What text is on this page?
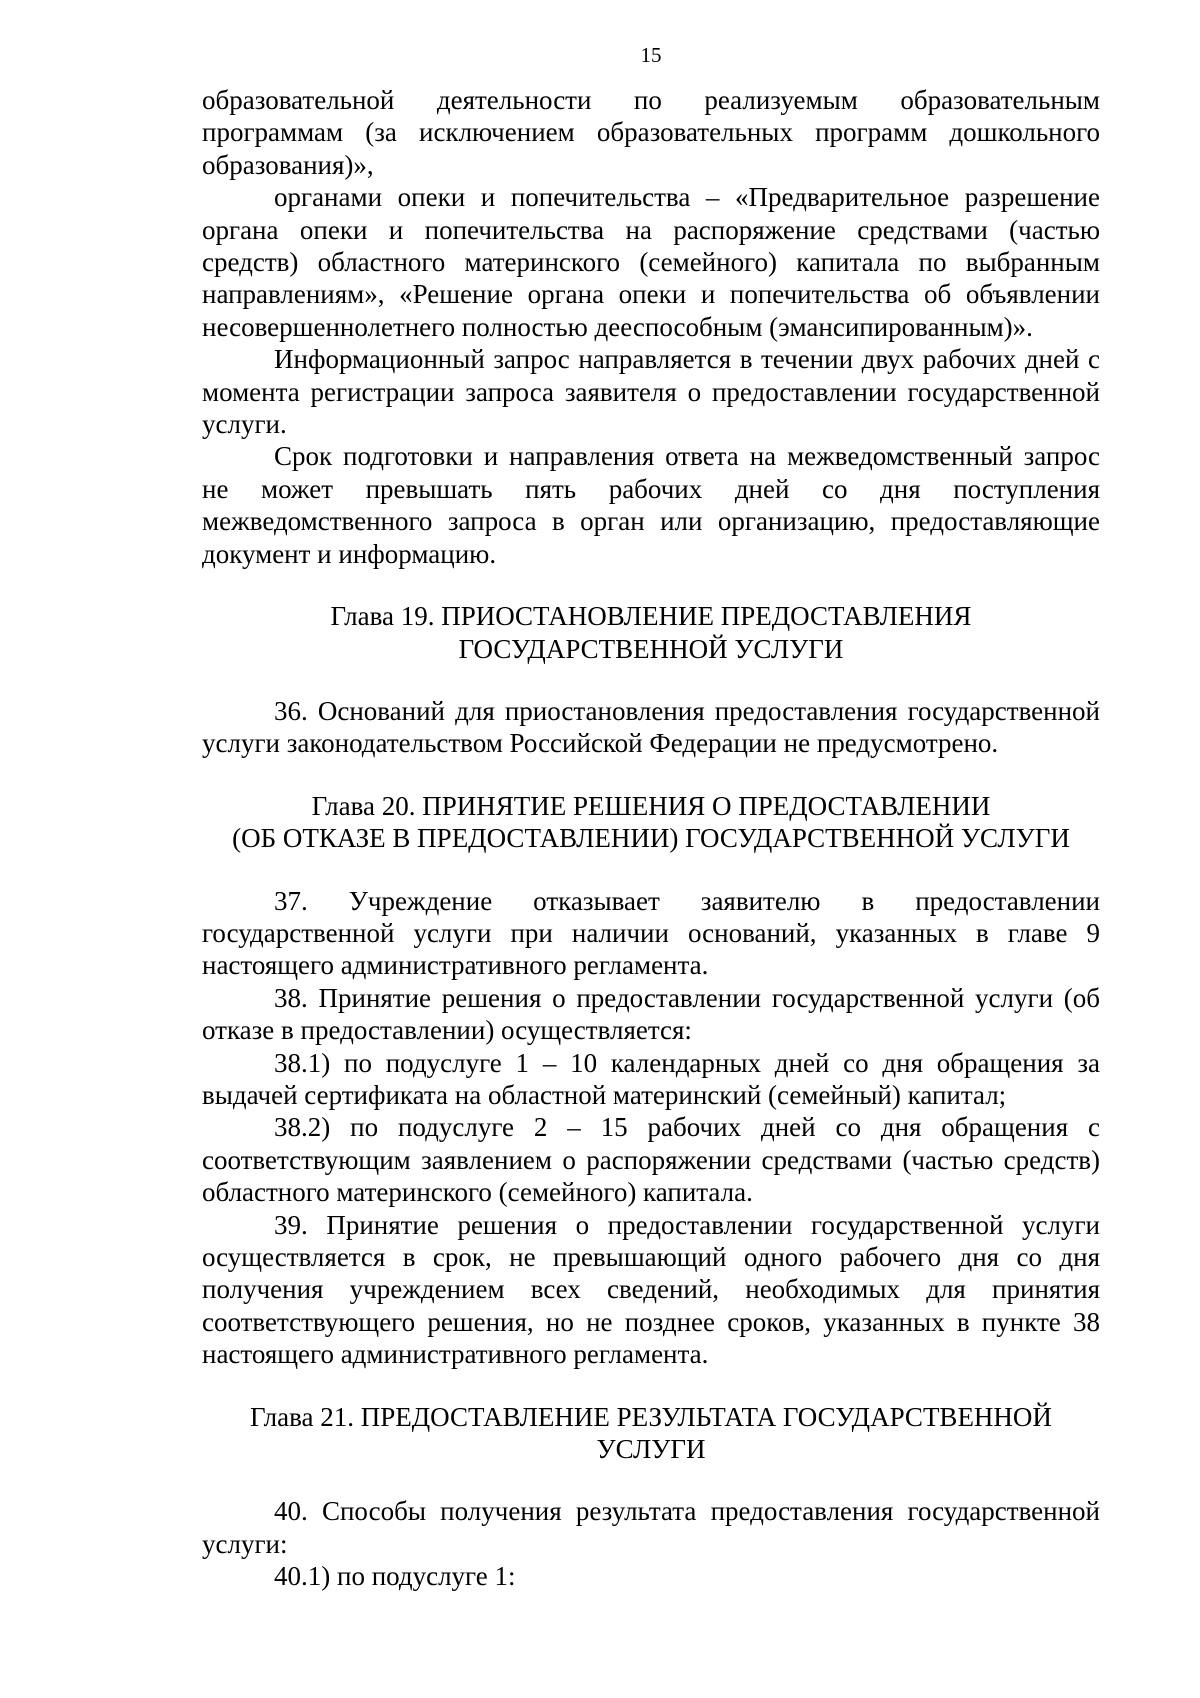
15

образовательной деятельности по реализуемым образовательным программам (за исключением образовательных программ дошкольного образования)»,

органами опеки и попечительства – «Предварительное разрешение органа опеки и попечительства на распоряжение средствами (частью средств) областного материнского (семейного) капитала по выбранным направлениям», «Решение органа опеки и попечительства об объявлении несовершеннолетнего полностью дееспособным (эмансипированным)».

Информационный запрос направляется в течении двух рабочих дней с момента регистрации запроса заявителя о предоставлении государственной услуги.

Срок подготовки и направления ответа на межведомственный запрос не может превышать пять рабочих дней со дня поступления межведомственного запроса в орган или организацию, предоставляющие документ и информацию.

Глава 19. ПРИОСТАНОВЛЕНИЕ ПРЕДОСТАВЛЕНИЯ
ГОСУДАРСТВЕННОЙ УСЛУГИ

36. Оснований для приостановления предоставления государственной услуги законодательством Российской Федерации не предусмотрено.

Глава 20. ПРИНЯТИЕ РЕШЕНИЯ О ПРЕДОСТАВЛЕНИИ
(ОБ ОТКАЗЕ В ПРЕДОСТАВЛЕНИИ) ГОСУДАРСТВЕННОЙ УСЛУГИ

37. Учреждение отказывает заявителю в предоставлении государственной услуги при наличии оснований, указанных в главе 9 настоящего административного регламента.

38. Принятие решения о предоставлении государственной услуги (об отказе в предоставлении) осуществляется:

38.1) по подуслуге 1 – 10 календарных дней со дня обращения за выдачей сертификата на областной материнский (семейный) капитал;

38.2) по подуслуге 2 – 15 рабочих дней со дня обращения с соответствующим заявлением о распоряжении средствами (частью средств) областного материнского (семейного) капитала.

39. Принятие решения о предоставлении государственной услуги осуществляется в срок, не превышающий одного рабочего дня со дня получения учреждением всех сведений, необходимых для принятия соответствующего решения, но не позднее сроков, указанных в пункте 38 настоящего административного регламента.

Глава 21. ПРЕДОСТАВЛЕНИЕ РЕЗУЛЬТАТА ГОСУДАРСТВЕННОЙ
УСЛУГИ

40. Способы получения результата предоставления государственной услуги:

40.1) по подуслуге 1:
